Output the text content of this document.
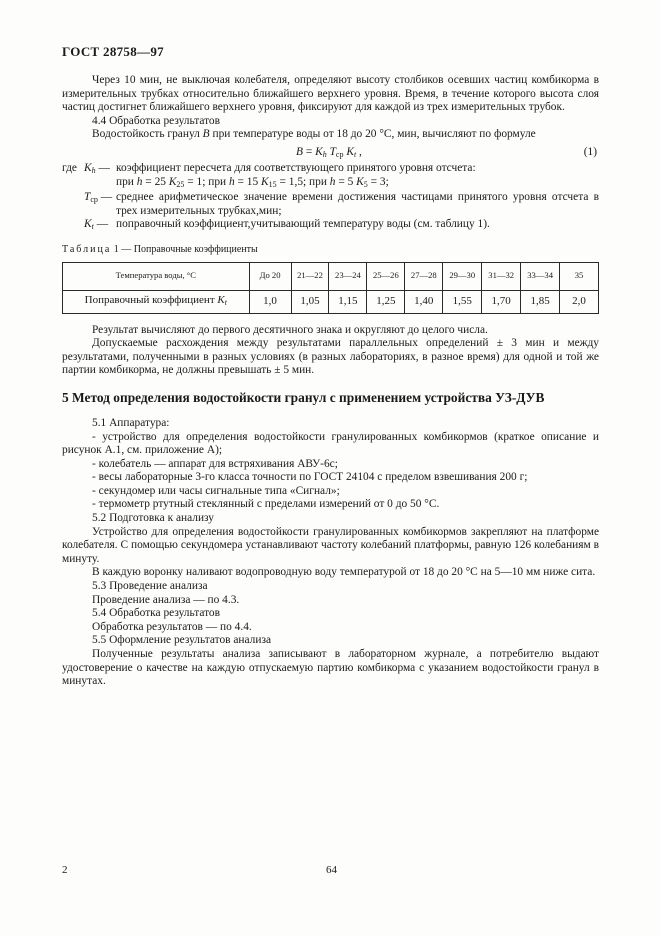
ГОСТ 28758—97

Через 10 мин, не выключая колебателя, определяют высоту столбиков осевших частиц комбикорма в измерительных трубках относительно ближайшего верхнего уровня. Время, в течение которого высота слоя частиц достигнет ближайшего верхнего уровня, фиксируют для каждой из трех измерительных трубок.

4.4 Обработка результатов

Водостойкость гранул B при температуре воды от 18 до 20 °С, мин, вычисляют по формуле

$B = K_h$ $T_{ср}$ $K_t$ ,	(1)
где $K_h$ — коэффициент пересчета для соответствующего принятого уровня отсчета:
при h = 25 $K_{25} = 1$; при h = 15 $K_{15} = 1,5$; при h = 5 $K_5 = 3$;
$T_{ср}$ — среднее арифметическое значение времени достижения частицами принятого уровня отсчета в трех измерительных трубках,мин;
$K_t$ — поправочный коэффициент,учитывающий температуру воды (см. таблицу 1).
Таблица 1 — Поправочные коэффициенты
Температура воды, °С	До 20	21—22	23—24	25—26	27—28	29—30	31—32	33—34	35
Поправочный коэффициент $K_t$	1,0	1,05	1,15	1,25	1,40	1,55	1,70	1,85	2,0

Результат вычисляют до первого десятичного знака и округляют до целого числа.

Допускаемые расхождения между результатами параллельных определений ± 3 мин и между результатами, полученными в разных условиях (в разных лабораториях, в разное время) для одной и той же партии комбикорма, не должны превышать ± 5 мин.

5 Метод определения водостойкости гранул с применением устройства УЗ-ДУВ

5.1 Аппаратура:

- устройство для определения водостойкости гранулированных комбикормов (краткое описание и рисунок А.1, см. приложение А);

- колебатель — аппарат для встряхивания АВУ-6с;

- весы лабораторные 3-го класса точности по ГОСТ 24104 с пределом взвешивания 200 г;

- секундомер или часы сигнальные типа «Сигнал»;

- термометр ртутный стеклянный с пределами измерений от 0 до 50 °С.

5.2 Подготовка к анализу

Устройство для определения водостойкости гранулированных комбикормов закрепляют на платформе колебателя. С помощью секундомера устанавливают частоту колебаний платформы, равную 126 колебаниям в минуту.

В каждую воронку наливают водопроводную воду температурой от 18 до 20 °С на 5—10 мм ниже сита.

5.3 Проведение анализа

Проведение анализа — по 4.3.

5.4 Обработка результатов

Обработка результатов — по 4.4.

5.5 Оформление результатов анализа

Полученные результаты анализа записывают в лабораторном журнале, а потребителю выдают удостоверение о качестве на каждую отпускаемую партию комбикорма с указанием водостойкости гранул в минутах.

2	64
